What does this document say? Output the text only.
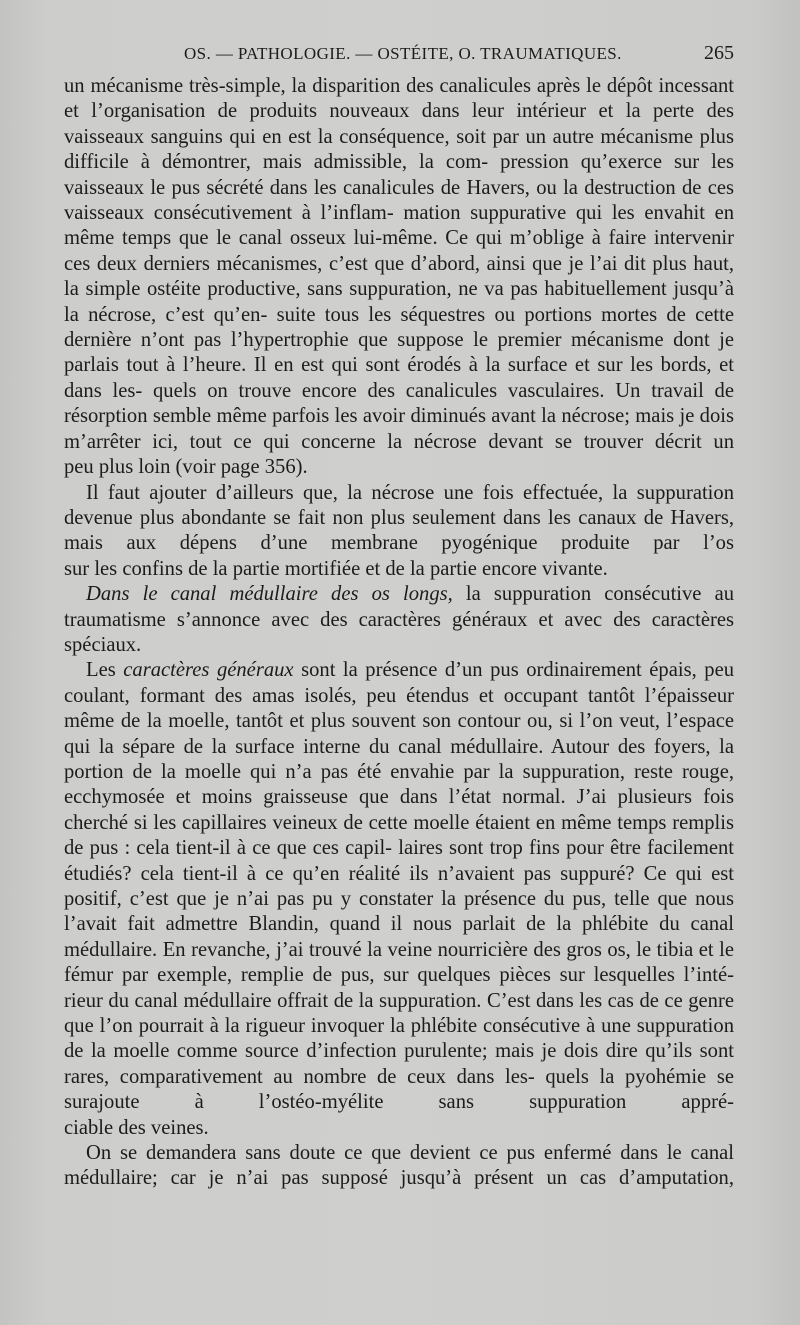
OS. — PATHOLOGIE. — OSTÉITE, O. TRAUMATIQUES.	265

un mécanisme très-simple, la disparition des canalicules après le dépôt incessant et l’organisation de produits nouveaux dans leur intérieur et la perte des vaisseaux sanguins qui en est la conséquence, soit par un autre mécanisme plus difficile à démontrer, mais admissible, la com- pression qu’exerce sur les vaisseaux le pus sécrété dans les canalicules de Havers, ou la destruction de ces vaisseaux consécutivement à l’inflam- mation suppurative qui les envahit en même temps que le canal osseux lui-même. Ce qui m’oblige à faire intervenir ces deux derniers mécanismes, c’est que d’abord, ainsi que je l’ai dit plus haut, la simple ostéite productive, sans suppuration, ne va pas habituellement jusqu’à la nécrose, c’est qu’en- suite tous les séquestres ou portions mortes de cette dernière n’ont pas l’hypertrophie que suppose le premier mécanisme dont je parlais tout à l’heure. Il en est qui sont érodés à la surface et sur les bords, et dans les- quels on trouve encore des canalicules vasculaires. Un travail de résorption semble même parfois les avoir diminués avant la nécrose; mais je dois m’arrêter ici, tout ce qui concerne la nécrose devant se trouver décrit un

peu plus loin (voir page 356).

Il faut ajouter d’ailleurs que, la nécrose une fois effectuée, la suppuration devenue plus abondante se fait non plus seulement dans les canaux de Havers, mais aux dépens d’une membrane pyogénique produite par l’os

sur les confins de la partie mortifiée et de la partie encore vivante.

Dans le canal médullaire des os longs, la suppuration consécutive au traumatisme s’annonce avec des caractères généraux et avec des caractères

spéciaux.

Les caractères généraux sont la présence d’un pus ordinairement épais, peu coulant, formant des amas isolés, peu étendus et occupant tantôt l’épaisseur même de la moelle, tantôt et plus souvent son contour ou, si l’on veut, l’espace qui la sépare de la surface interne du canal médullaire. Autour des foyers, la portion de la moelle qui n’a pas été envahie par la suppuration, reste rouge, ecchymosée et moins graisseuse que dans l’état normal. J’ai plusieurs fois cherché si les capillaires veineux de cette moelle étaient en même temps remplis de pus : cela tient-il à ce que ces capil- laires sont trop fins pour être facilement étudiés? cela tient-il à ce qu’en réalité ils n’avaient pas suppuré? Ce qui est positif, c’est que je n’ai pas pu y constater la présence du pus, telle que nous l’avait fait admettre Blandin, quand il nous parlait de la phlébite du canal médullaire. En revanche, j’ai trouvé la veine nourricière des gros os, le tibia et le fémur par exemple, remplie de pus, sur quelques pièces sur lesquelles l’inté- rieur du canal médullaire offrait de la suppuration. C’est dans les cas de ce genre que l’on pourrait à la rigueur invoquer la phlébite consécutive à une suppuration de la moelle comme source d’infection purulente; mais je dois dire qu’ils sont rares, comparativement au nombre de ceux dans les- quels la pyohémie se surajoute à l’ostéo-myélite sans suppuration appré-

ciable des veines.

On se demandera sans doute ce que devient ce pus enfermé dans le canal médullaire; car je n’ai pas supposé jusqu’à présent un cas d’amputation,
